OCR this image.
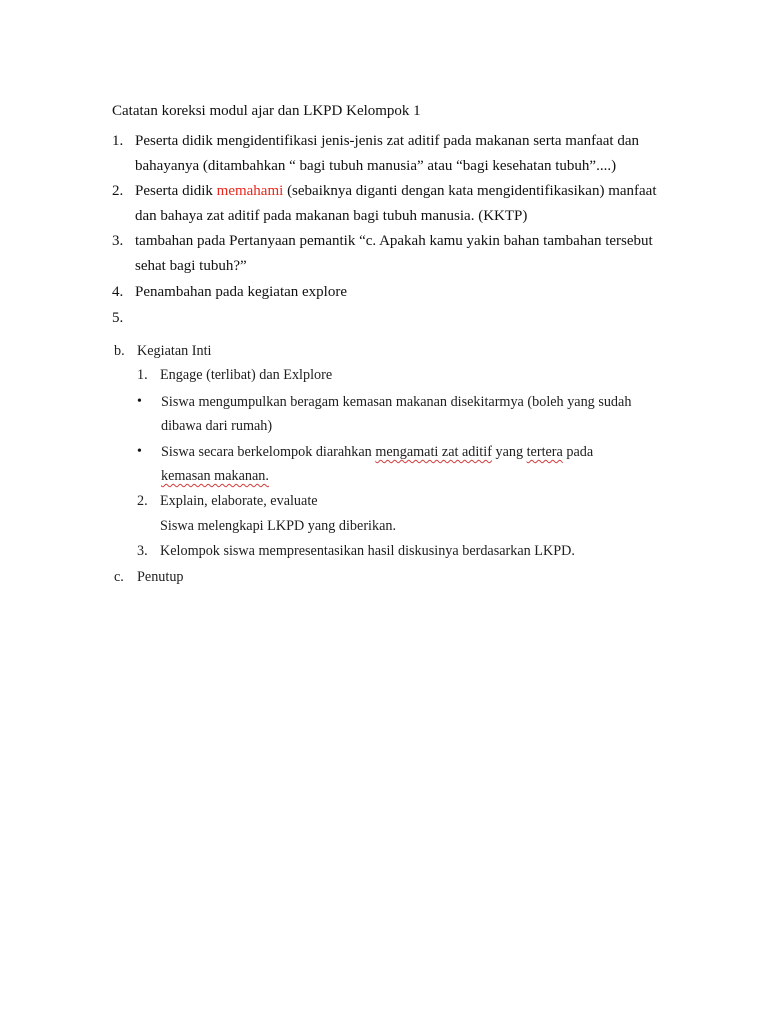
Catatan koreksi modul ajar dan LKPD Kelompok 1
1. Peserta didik mengidentifikasi jenis-jenis zat aditif pada makanan serta manfaat dan
bahayanya (ditambahkan “ bagi tubuh manusia” atau “bagi kesehatan tubuh”....)
2. Peserta didik memahami (sebaiknya diganti dengan kata mengidentifikasikan) manfaat
dan bahaya zat aditif pada makanan bagi tubuh manusia. (KKTP)
3. tambahan pada Pertanyaan pemantik “c. Apakah kamu yakin bahan tambahan tersebut
sehat bagi tubuh?”
4. Penambahan pada kegiatan explore
5.
b. Kegiatan Inti
1. Engage (terlibat) dan Exlplore
• Siswa mengumpulkan beragam kemasan makanan disekitarmya (boleh yang sudah
dibawa dari rumah)
• Siswa secara berkelompok diarahkan mengamati zat aditif yang tertera pada
kemasan makanan.
2. Explain, elaborate, evaluate
Siswa melengkapi LKPD yang diberikan.
3. Kelompok siswa mempresentasikan hasil diskusinya berdasarkan LKPD.
c. Penutup
